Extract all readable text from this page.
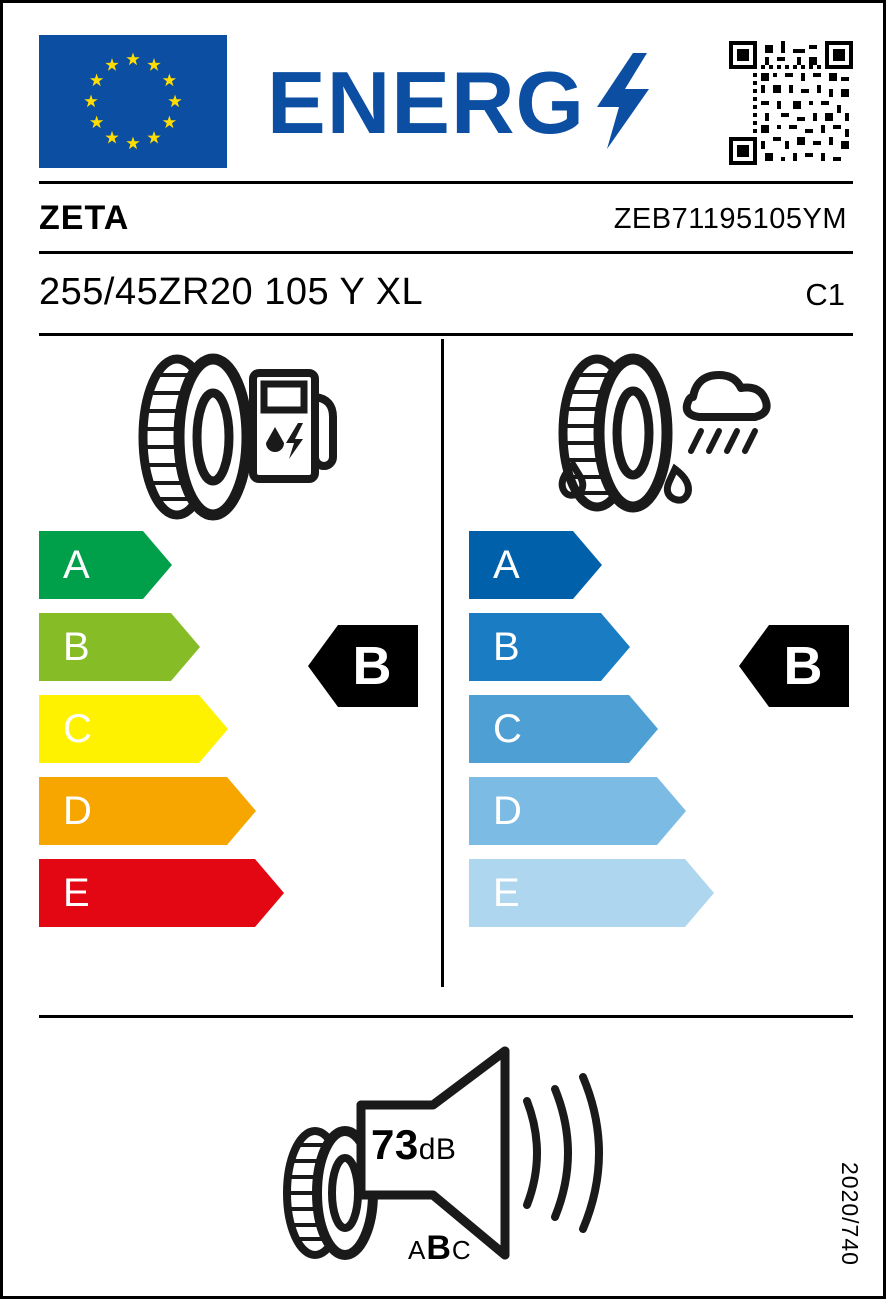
ENERG
ZETA	ZEB71195105YM
255/45ZR20 105 Y XL	C1
A
B
C
D
E
A
B
C
D
E
B	B
73dB
ABC	2020/740
